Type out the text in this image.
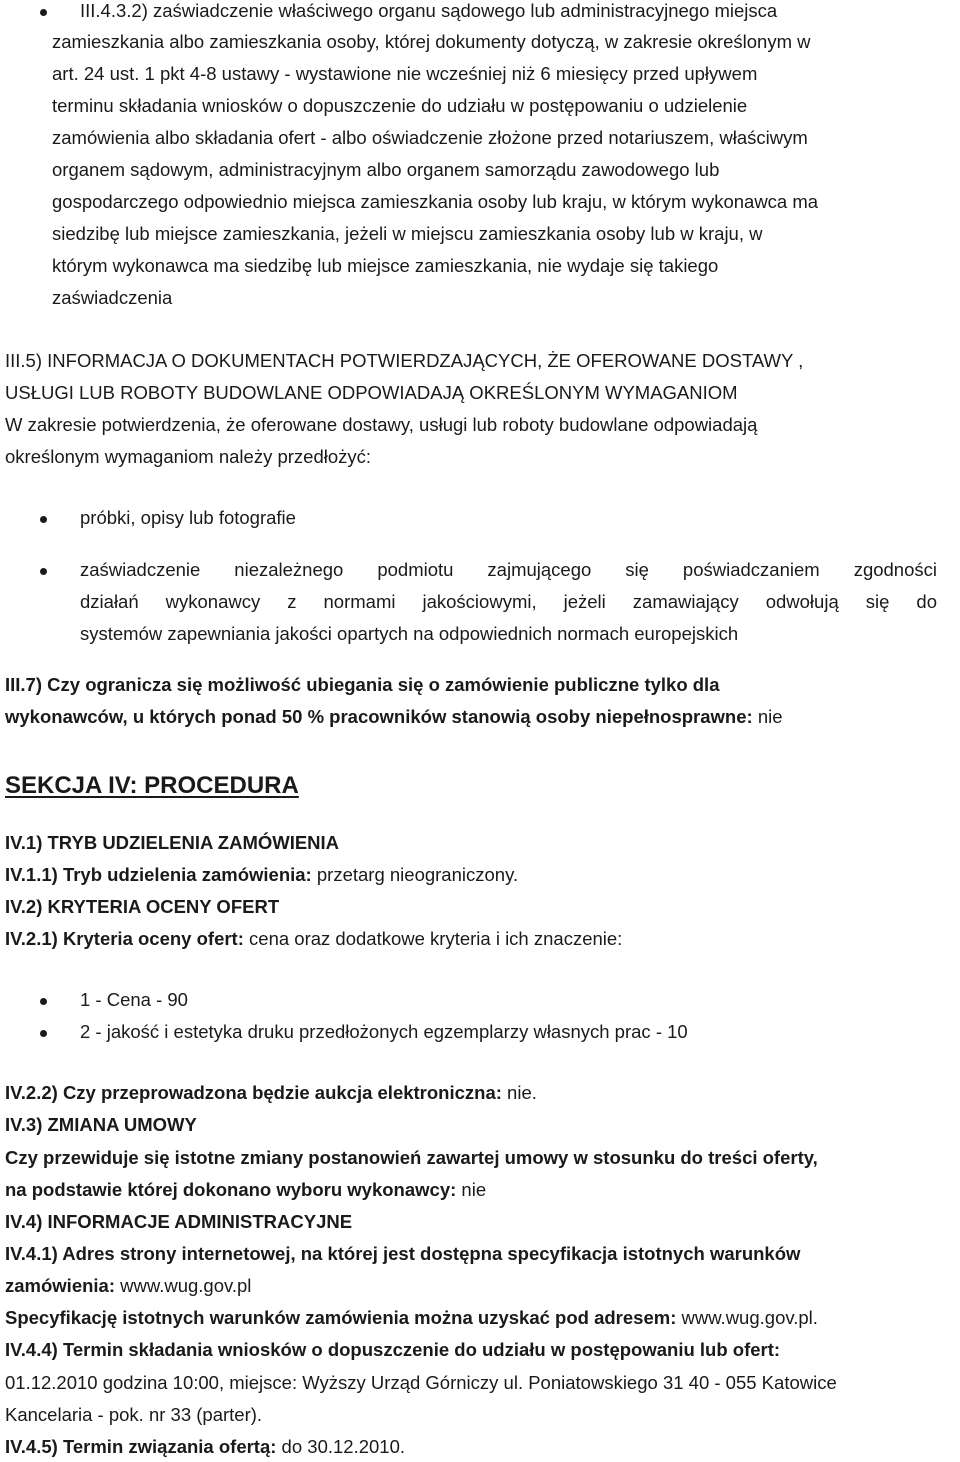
III.4.3.2) zaświadczenie właściwego organu sądowego lub administracyjnego miejsca
zamieszkania albo zamieszkania osoby, której dokumenty dotyczą, w zakresie określonym w
art. 24 ust. 1 pkt 4-8 ustawy - wystawione nie wcześniej niż 6 miesięcy przed upływem
terminu składania wniosków o dopuszczenie do udziału w postępowaniu o udzielenie
zamówienia albo składania ofert - albo oświadczenie złożone przed notariuszem, właściwym
organem sądowym, administracyjnym albo organem samorządu zawodowego lub
gospodarczego odpowiednio miejsca zamieszkania osoby lub kraju, w którym wykonawca ma
siedzibę lub miejsce zamieszkania, jeżeli w miejscu zamieszkania osoby lub w kraju, w
którym wykonawca ma siedzibę lub miejsce zamieszkania, nie wydaje się takiego
zaświadczenia
III.5) INFORMACJA O DOKUMENTACH POTWIERDZAJĄCYCH, ŻE OFEROWANE DOSTAWY ,
USŁUGI LUB ROBOTY BUDOWLANE ODPOWIADAJĄ OKREŚLONYM WYMAGANIOM
W zakresie potwierdzenia, że oferowane dostawy, usługi lub roboty budowlane odpowiadają
określonym wymaganiom należy przedłożyć:
próbki, opisy lub fotografie
zaświadczenie niezależnego podmiotu zajmującego się poświadczaniem zgodności
działań wykonawcy z normami jakościowymi, jeżeli zamawiający odwołują się do
systemów zapewniania jakości opartych na odpowiednich normach europejskich
III.7) Czy ogranicza się możliwość ubiegania się o zamówienie publiczne tylko dla
wykonawców, u których ponad 50 % pracowników stanowią osoby niepełnosprawne: nie
SEKCJA IV: PROCEDURA
IV.1) TRYB UDZIELENIA ZAMÓWIENIA
IV.1.1) Tryb udzielenia zamówienia: przetarg nieograniczony.
IV.2) KRYTERIA OCENY OFERT
IV.2.1) Kryteria oceny ofert: cena oraz dodatkowe kryteria i ich znaczenie:
1 - Cena - 90
2 - jakość i estetyka druku przedłożonych egzemplarzy własnych prac - 10
IV.2.2) Czy przeprowadzona będzie aukcja elektroniczna: nie.
IV.3) ZMIANA UMOWY
Czy przewiduje się istotne zmiany postanowień zawartej umowy w stosunku do treści oferty,
na podstawie której dokonano wyboru wykonawcy: nie
IV.4) INFORMACJE ADMINISTRACYJNE
IV.4.1) Adres strony internetowej, na której jest dostępna specyfikacja istotnych warunków
zamówienia: www.wug.gov.pl
Specyfikację istotnych warunków zamówienia można uzyskać pod adresem: www.wug.gov.pl.
IV.4.4) Termin składania wniosków o dopuszczenie do udziału w postępowaniu lub ofert:
01.12.2010 godzina 10:00, miejsce: Wyższy Urząd Górniczy ul. Poniatowskiego 31 40 - 055 Katowice
Kancelaria - pok. nr 33 (parter).
IV.4.5) Termin związania ofertą: do 30.12.2010.
